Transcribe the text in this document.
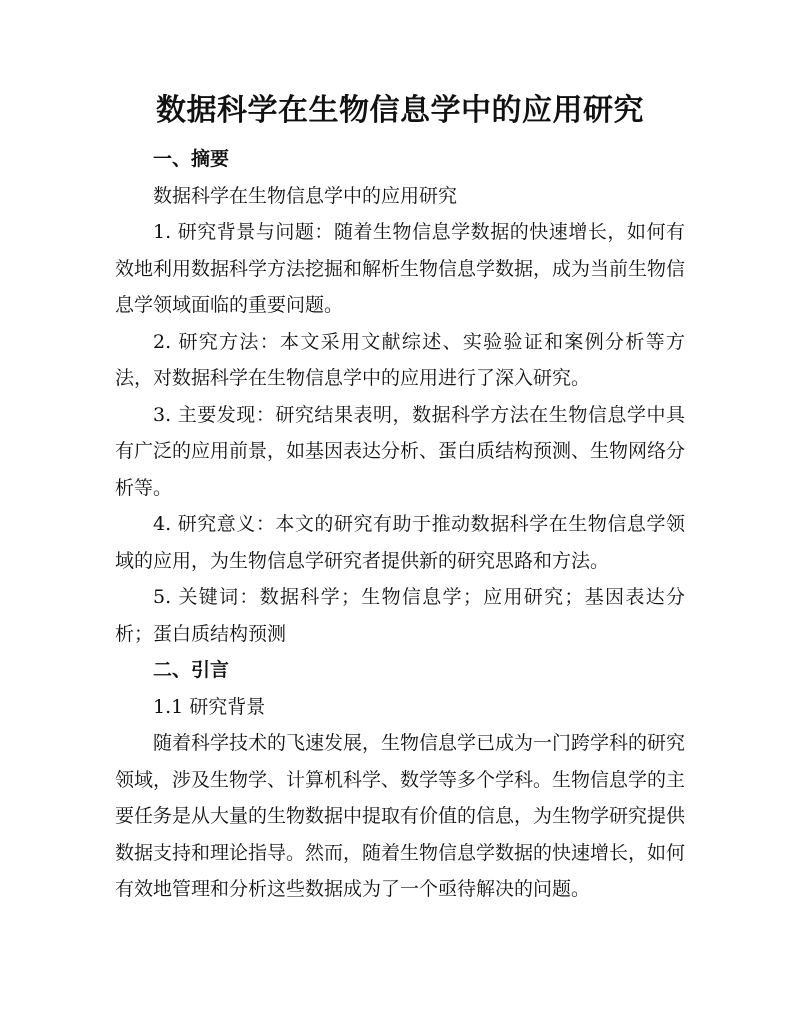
数据科学在生物信息学中的应用研究

一、摘要

数据科学在生物信息学中的应用研究

1. 研究背景与问题：随着生物信息学数据的快速增长，如何有效地利用数据科学方法挖掘和解析生物信息学数据，成为当前生物信息学领域面临的重要问题。

2. 研究方法：本文采用文献综述、实验验证和案例分析等方法，对数据科学在生物信息学中的应用进行了深入研究。

3. 主要发现：研究结果表明，数据科学方法在生物信息学中具有广泛的应用前景，如基因表达分析、蛋白质结构预测、生物网络分析等。

4. 研究意义：本文的研究有助于推动数据科学在生物信息学领域的应用，为生物信息学研究者提供新的研究思路和方法。

5. 关键词：数据科学；生物信息学；应用研究；基因表达分析；蛋白质结构预测

二、引言

1.1 研究背景

随着科学技术的飞速发展，生物信息学已成为一门跨学科的研究领域，涉及生物学、计算机科学、数学等多个学科。生物信息学的主要任务是从大量的生物数据中提取有价值的信息，为生物学研究提供数据支持和理论指导。然而，随着生物信息学数据的快速增长，如何有效地管理和分析这些数据成为了一个亟待解决的问题。
